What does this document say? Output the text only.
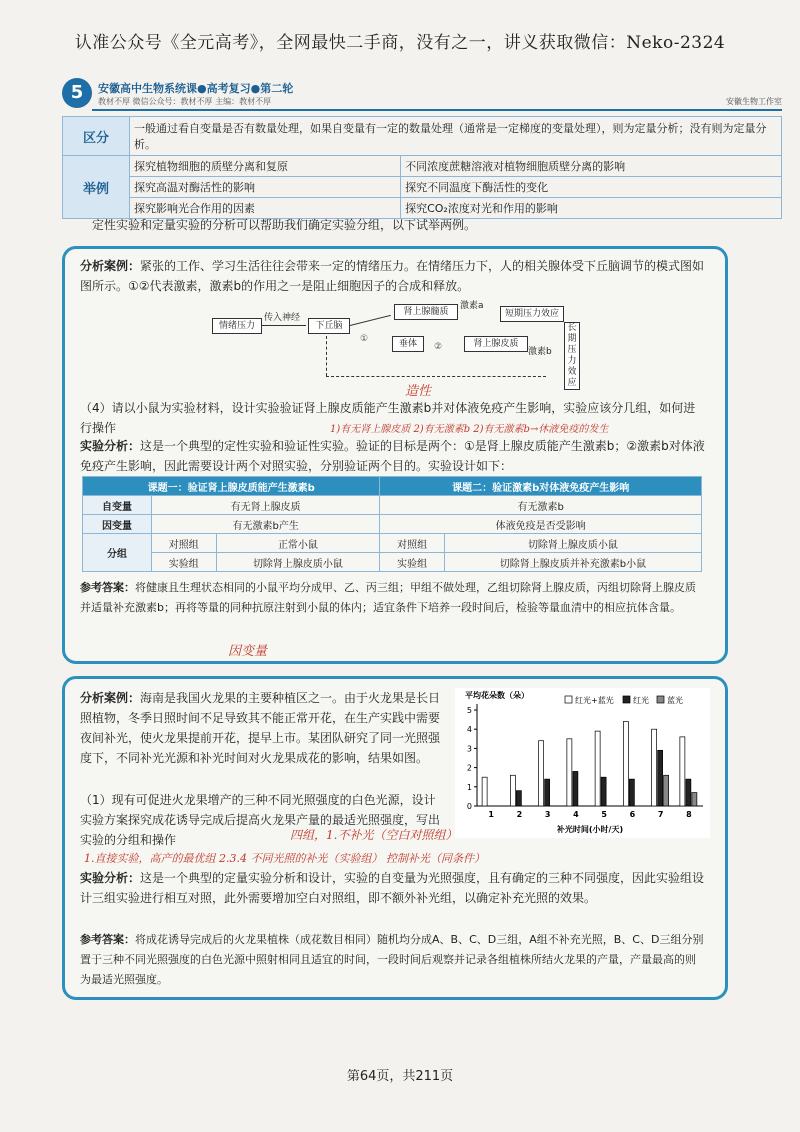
认准公众号《全元高考》，全网最快二手商，没有之一，讲义获取微信：Neko-2324
5	安徽高中生物系统课●高考复习●第二轮
教材不厚 微信公众号：教材不厚 主编：教材不厚	安徽生物工作室
区分	一般通过看自变量是否有数量处理，如果自变量有一定的数量处理（通常是一定梯度的变量处理），则为定量分析；没有则为定量分析。	
举例	探究植物细胞的质壁分离和复原	不同浓度蔗糖溶液对植物细胞质壁分离的影响
	探究高温对酶活性的影响	探究不同温度下酶活性的变化
	探究影响光合作用的因素	探究CO₂浓度对光和作用的影响
定性实验和定量实验的分析可以帮助我们确定实验分组，以下试举两例。
分析案例：紧张的工作、学习生活往往会带来一定的情绪压力。在情绪压力下，人的相关腺体受下丘脑调节的模式图如图所示。①②代表激素，激素b的作用之一是阻止细胞因子的合成和释放。
情绪压力
传入神经
下丘脑
肾上腺髓质
激素a
短期压力效应
①	垂体	②	肾上腺皮质
激素b
长期压力效应
（4）请以小鼠为实验材料，设计实验验证肾上腺皮质能产生激素b并对体液免疫产生影响，实验应该分几组，如何进行操作
造性
1)有无肾上腺皮质 2)有无激素b 2)有无激素b→休液免疫的发生
实验分析：这是一个典型的定性实验和验证性实验。验证的目标是两个：①是肾上腺皮质能产生激素b；②激素b对体液免疫产生影响，因此需要设计两个对照实验，分别验证两个目的。实验设计如下：
课题一：验证肾上腺皮质能产生激素b			课题二：验证激素b对体液免疫产生影响	
自变量	有无肾上腺皮质		有无激素b	
因变量	有无激素b产生		体液免疫是否受影响	
分组	对照组	正常小鼠	对照组	切除肾上腺皮质小鼠
	实验组	切除肾上腺皮质小鼠	实验组	切除肾上腺皮质并补充激素b小鼠
参考答案：将健康且生理状态相同的小鼠平均分成甲、乙、丙三组；甲组不做处理，乙组切除肾上腺皮质，丙组切除肾上腺皮质并适量补充激素b；再将等量的同种抗原注射到小鼠的体内；适宜条件下培养一段时间后，检验等量血清中的相应抗体含量。
因变量
分析案例：海南是我国火龙果的主要种植区之一。由于火龙果是长日照植物，冬季日照时间不足导致其不能正常开花，在生产实践中需要夜间补光，使火龙果提前开花，提早上市。某团队研究了同一光照强度下，不同补光光源和补光时间对火龙果成花的影响，结果如图。
0
1
2
3
4
5
平均花朵数（朵）
补光时间(小时/天)
1	2	3	4	5	6	7	8
红光+蓝光 红光 蓝光
（1）现有可促进火龙果增产的三种不同光照强度的白色光源，设计实验方案探究成花诱导完成后提高火龙果产量的最适光照强度，写出实验的分组和操作	四组，1.不补光（空白对照组）
1.直接实验，高产的最优组 2.3.4 不同光照的补光（实验组） 控制补光（同条件）
实验分析：这是一个典型的定量实验分析和设计，实验的自变量为光照强度，且有确定的三种不同强度，因此实验组设计三组实验进行相互对照，此外需要增加空白对照组，即不额外补光组，以确定补充光照的效果。
参考答案：将成花诱导完成后的火龙果植株（成花数目相同）随机均分成A、B、C、D三组，A组不补充光照，B、C、D三组分别置于三种不同光照强度的白色光源中照射相同且适宜的时间，一段时间后观察并记录各组植株所结火龙果的产量，产量最高的则为最适光照强度。
第64页，共211页
